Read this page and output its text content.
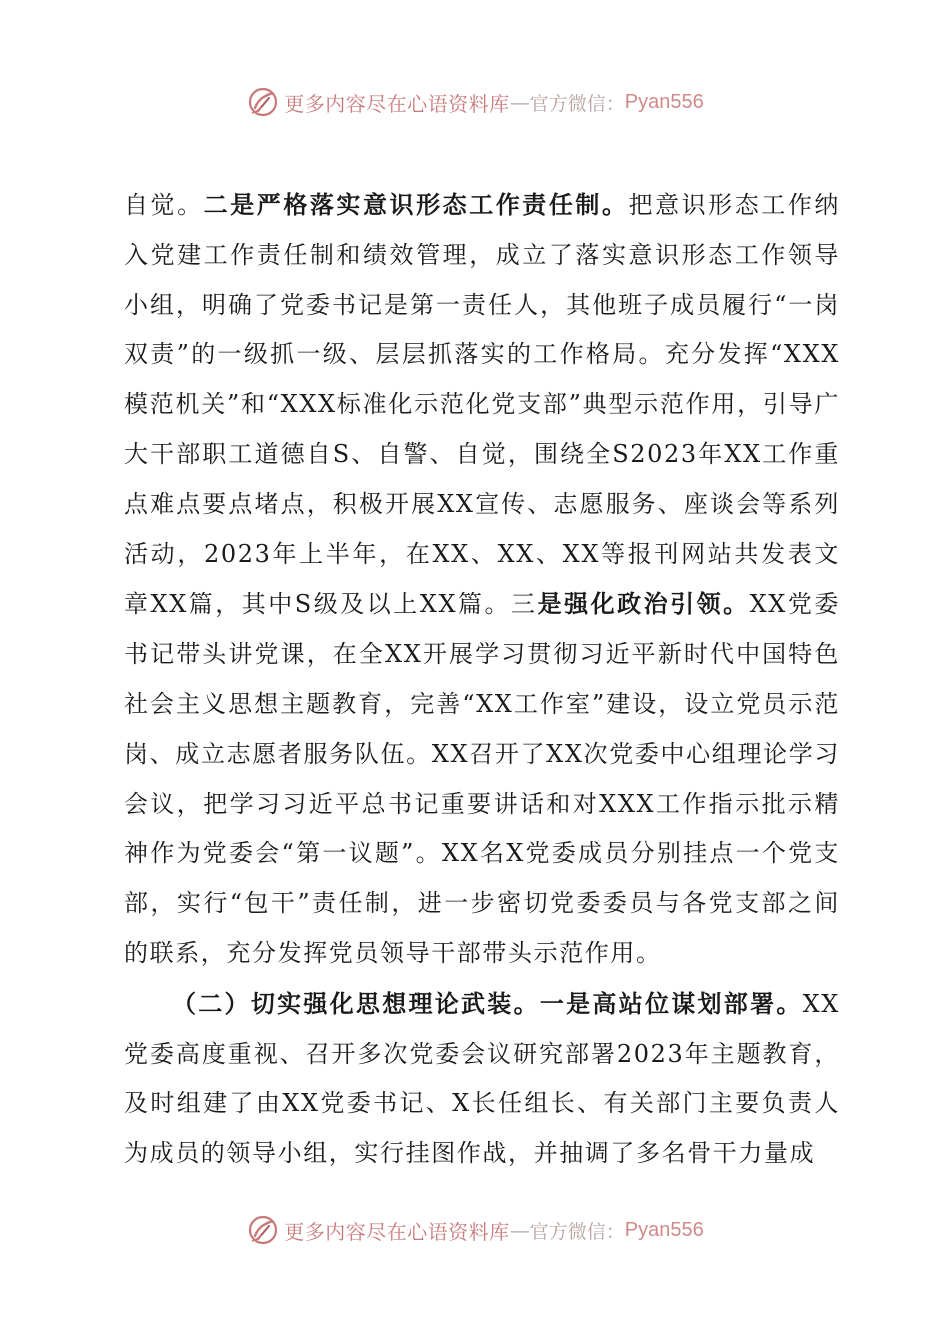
更多内容尽在心语资料库 — 官方微信： Pyan556

自觉。二是严格落实意识形态工作责任制。把意识形态工作纳入党建工作责任制和绩效管理，成立了落实意识形态工作领导小组，明确了党委书记是第一责任人，其他班子成员履行“一岗双责”的一级抓一级、层层抓落实的工作格局。充分发挥“XXX模范机关”和“XXX标准化示范化党支部”典型示范作用，引导广大干部职工道德自S、自警、自觉，围绕全S2023年XX工作重点难点要点堵点，积极开展XX宣传、志愿服务、座谈会等系列活动，2023年上半年，在XX、XX、XX等报刊网站共发表文章XX篇，其中S级及以上XX篇。三是强化政治引领。XX党委书记带头讲党课，在全XX开展学习贯彻习近平新时代中国特色社会主义思想主题教育，完善“XX工作室”建设，设立党员示范岗、成立志愿者服务队伍。XX召开了XX次党委中心组理论学习会议，把学习习近平总书记重要讲话和对XXX工作指示批示精神作为党委会“第一议题”。XX名X党委成员分别挂点一个党支部，实行“包干”责任制，进一步密切党委委员与各党支部之间的联系，充分发挥党员领导干部带头示范作用。

（二）切实强化思想理论武装。一是高站位谋划部署。XX党委高度重视、召开多次党委会议研究部署2023年主题教育，及时组建了由XX党委书记、X长任组长、有关部门主要负责人为成员的领导小组，实行挂图作战，并抽调了多名骨干力量成

更多内容尽在心语资料库 — 官方微信： Pyan556
